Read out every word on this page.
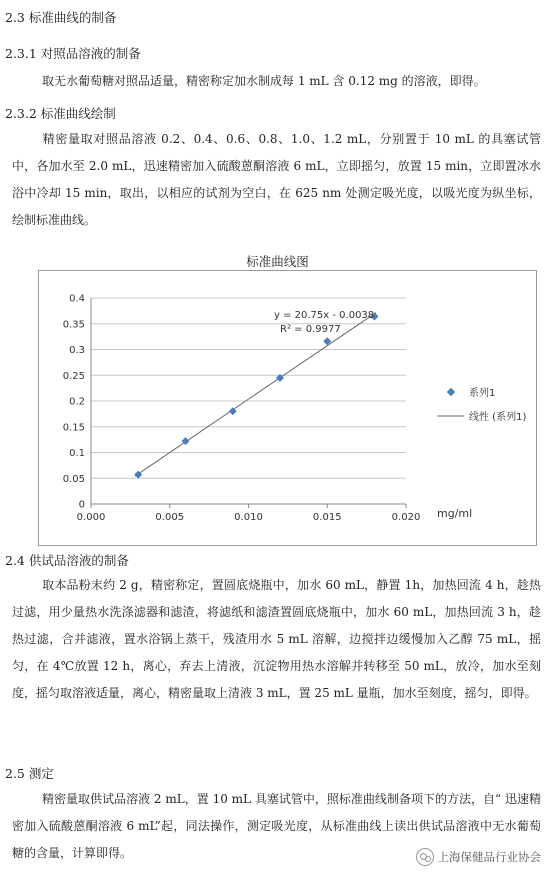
2.3 标准曲线的制备
2.3.1 对照品溶液的制备
取无水葡萄糖对照品适量，精密称定加水制成每 1 mL 含 0.12 mg 的溶液，即得。
2.3.2 标准曲线绘制
精密量取对照品溶液 0.2、0.4、0.6、0.8、1.0、1.2 mL，分别置于 10 mL 的具塞试管中，各加水至 2.0 mL，迅速精密加入硫酸蒽酮溶液 6 mL，立即摇匀，放置 15 min，立即置冰水浴中冷却 15 min，取出，以相应的试剂为空白，在 625 nm 处测定吸光度，以吸光度为纵坐标，绘制标准曲线。
标准曲线图
0
0.05
0.1
0.15
0.2
0.25
0.3
0.35
0.4
0.000	0.005	0.010	0.015	0.020
y = 20.75x - 0.0038
R² = 0.9977
mg/ml
系列1
线性 (系列1)
2.4 供试品溶液的制备
取本品粉末约 2 g，精密称定，置圆底烧瓶中，加水 60 mL，静置 1h，加热回流 4 h，趁热过滤，用少量热水洗涤滤器和滤渣，将滤纸和滤渣置圆底烧瓶中，加水 60 mL，加热回流 3 h，趁热过滤，合并滤液，置水浴锅上蒸干，残渣用水 5 mL 溶解，边搅拌边缓慢加入乙醇 75 mL，摇匀，在 4℃放置 12 h，离心，弃去上清液，沉淀物用热水溶解并转移至 50 mL，放冷，加水至刻度，摇匀取溶液适量，离心，精密量取上清液 3 mL，置 25 mL 量瓶，加水至刻度，摇匀，即得。
2.5 测定
精密量取供试品溶液 2 mL，置 10 mL 具塞试管中，照标准曲线制备项下的方法，自“ 迅速精密加入硫酸蒽酮溶液 6 mL”起，同法操作，测定吸光度，从标准曲线上读出供试品溶液中无水葡萄糖的含量，计算即得。	上海保健品行业协会
